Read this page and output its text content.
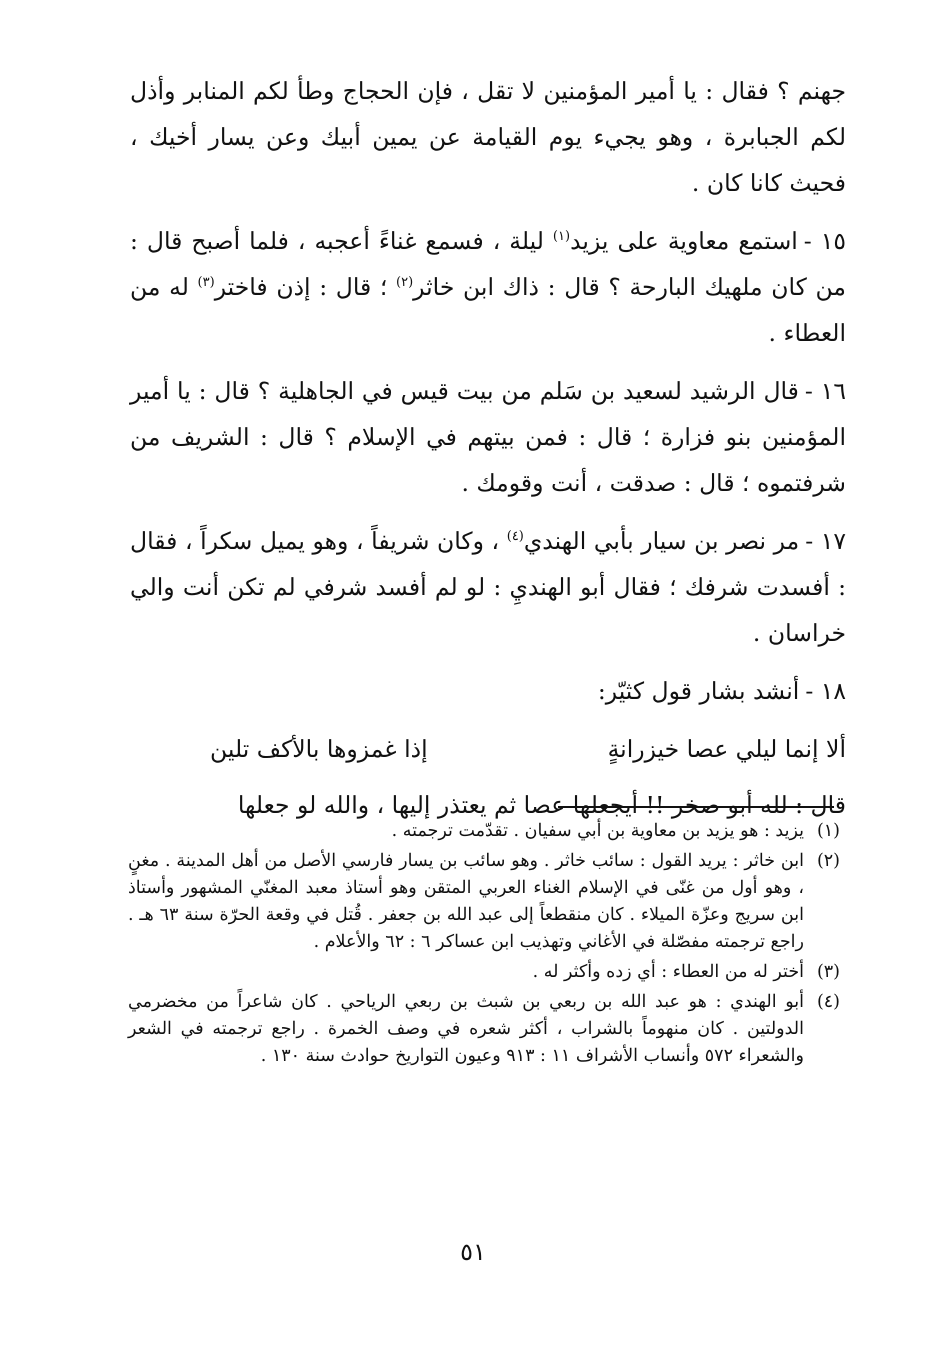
جهنم ؟ فقال : يا أمير المؤمنين لا تقل ، فإن الحجاج وطأ لكم المنابر وأذل لكم الجبابرة ، وهو يجيء يوم القيامة عن يمين أبيك وعن يسار أخيك ، فحيث كانا كان .

١٥ -استمع معاوية على يزيد$^{(١)}$ ليلة ، فسمع غناءً أعجبه ، فلما أصبح قال : من كان ملهيك البارحة ؟ قال : ذاك ابن خاثر$^{(٢)}$ ؛ قال : إذن فاختر$^{(٣)}$ له من العطاء .

١٦ -قال الرشيد لسعيد بن سَلم من بيت قيس في الجاهلية ؟ قال : يا أمير المؤمنين بنو فزارة ؛ قال : فمن بيتهم في الإسلام ؟ قال : الشريف من شرفتموه ؛ قال : صدقت ، أنت وقومك .

١٧ -مر نصر بن سيار بأبي الهندي$^{(٤)}$ ، وكان شريفاً ، وهو يميل سكراً ، فقال : أفسدت شرفك ؛ فقال أبو الهنديِ : لو لم أفسد شرفي لم تكن أنت والي خراسان .

١٨ -أنشد بشار قول كثيّر:

ألا إنما ليلي عصا خيزرانةٍ
إذا غمزوها بالأكف تلين

قال : لله أبو صخر !! أيجعلها عصا ثم يعتذر إليها ، والله لو جعلها

(١)يزيد : هو يزيد بن معاوية بن أبي سفيان . تقدّمت ترجمته .

(٢)ابن خاثر : يريد القول : سائب خاثر . وهو سائب بن يسار فارسي الأصل من أهل المدينة . مغنٍ ، وهو أول من غنّى في الإسلام الغناء العربي المتقن وهو أستاذ معبد المغنّي المشهور وأستاذ ابن سريج وعزّة الميلاء . كان منقطعاً إلى عبد الله بن جعفر . قُتل في وقعة الحرّة سنة ٦٣ هـ . راجع ترجمته مفصّلة في الأغاني وتهذيب ابن عساكر ٦ : ٦٢ والأعلام .

(٣)أختر له من العطاء : أي زده وأكثر له .

(٤)أبو الهندي : هو عبد الله بن ربعي بن شبث بن ربعي الرياحي . كان شاعراً من مخضرمي الدولتين . كان منهوماً بالشراب ، أكثر شعره في وصف الخمرة . راجع ترجمته في الشعر والشعراء ٥٧٢ وأنساب الأشراف ١١ : ٩١٣ وعيون التواريخ حوادث سنة ١٣٠ .

٥١
